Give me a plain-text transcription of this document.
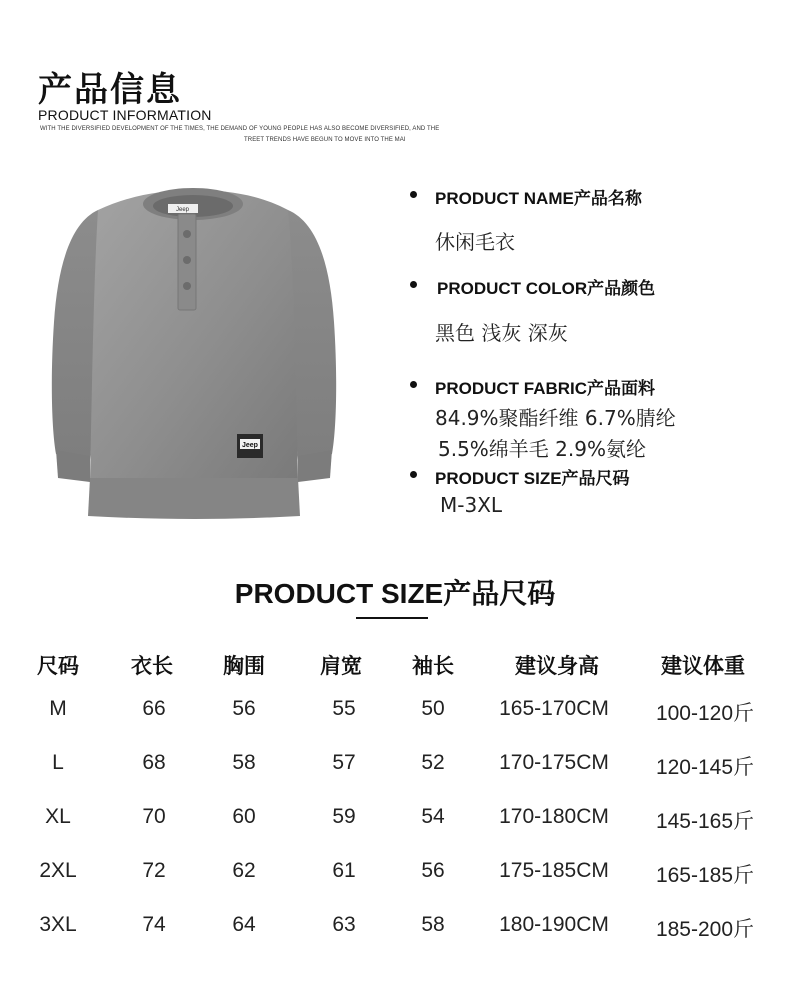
产品信息
PRODUCT INFORMATION
WITH THE DIVERSIFIED DEVELOPMENT OF THE TIMES, THE DEMAND OF YOUNG PEOPLE HAS ALSO BECOME DIVERSIFIED, AND THE
TREET TRENDS HAVE BEGUN TO MOVE INTO THE MAI
Jeep
Jeep
PRODUCT NAME产品名称
休闲毛衣
PRODUCT COLOR产品颜色
黑色 浅灰 深灰
PRODUCT FABRIC产品面料
84.9%聚酯纤维 6.7%腈纶
5.5%绵羊毛 2.9%氨纶
PRODUCT SIZE产品尺码
M-3XL
PRODUCT SIZE产品尺码
尺码	衣长	胸围	肩宽	袖长	建议身高	建议体重
M	66	56	55	50	165-170CM	100-120斤
L	68	58	57	52	170-175CM	120-145斤
XL	70	60	59	54	170-180CM	145-165斤
2XL	72	62	61	56	175-185CM	165-185斤
3XL	74	64	63	58	180-190CM	185-200斤
